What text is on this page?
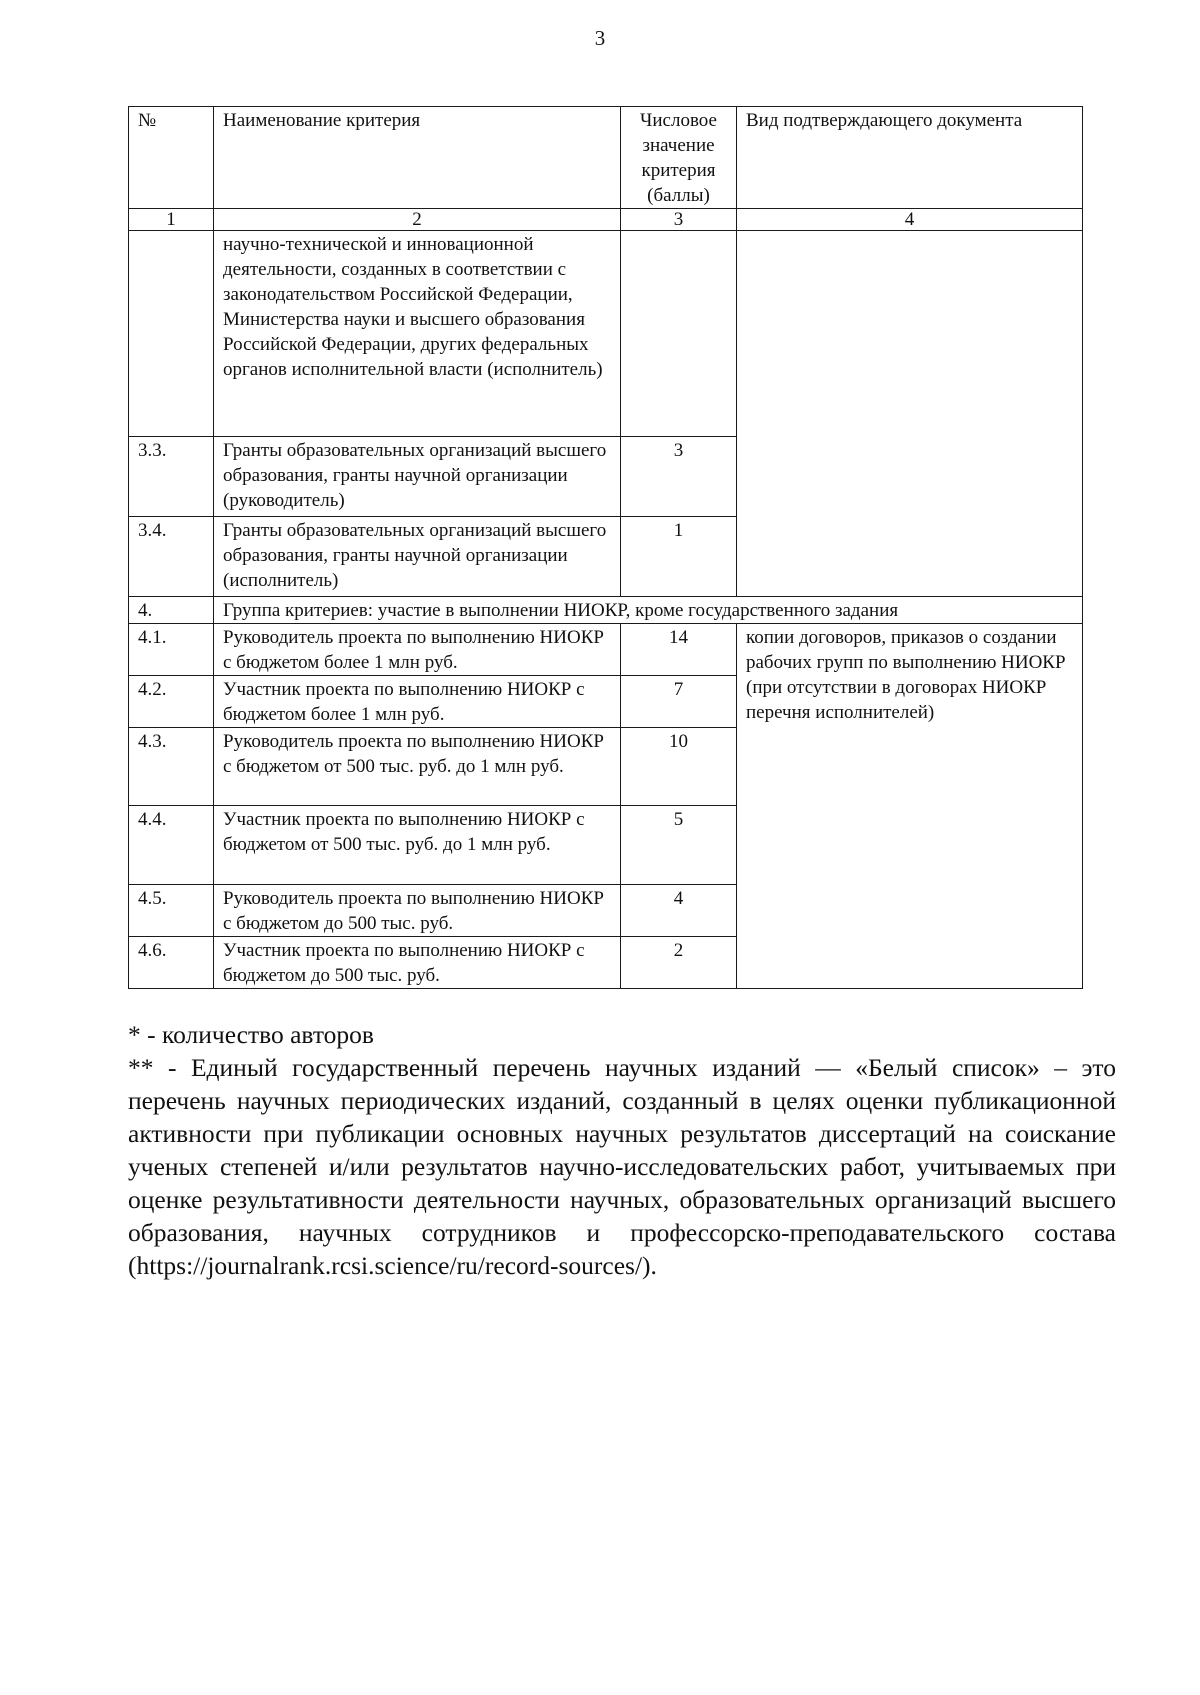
3
№	Наименование критерия	Числовое значение критерия (баллы)	Вид подтверждающего документа
1	2	3	4
	научно-технической и инновационной деятельности, созданных в соответствии с законодательством Российской Федерации, Министерства науки и высшего образования Российской Федерации, других федеральных органов исполнительной власти (исполнитель)		
3.3.	Гранты образовательных организаций высшего образования, гранты научной организации (руководитель)	3	
3.4.	Гранты образовательных организаций высшего образования, гранты научной организации (исполнитель)	1	
4.	Группа критериев: участие в выполнении НИОКР, кроме государственного задания		
4.1.	Руководитель проекта по выполнению НИОКР с бюджетом более 1 млн руб.	14	копии договоров, приказов о создании рабочих групп по выполнению НИОКР (при отсутствии в договорах НИОКР перечня исполнителей)
4.2.	Участник проекта по выполнению НИОКР с бюджетом более 1 млн руб.	7	
4.3.	Руководитель проекта по выполнению НИОКР с бюджетом от 500 тыс. руб. до 1 млн руб.	10	
4.4.	Участник проекта по выполнению НИОКР с бюджетом от 500 тыс. руб. до 1 млн руб.	5	
4.5.	Руководитель проекта по выполнению НИОКР с бюджетом до 500 тыс. руб.	4	
4.6.	Участник проекта по выполнению НИОКР с бюджетом до 500 тыс. руб.	2	

* - количество авторов

** - Единый государственный перечень научных изданий — «Белый список» – это перечень научных периодических изданий, созданный в целях оценки публикационной активности при публикации основных научных результатов диссертаций на соискание ученых степеней и/или результатов научно-исследовательских работ, учитываемых при оценке результативности деятельности научных, образовательных организаций высшего образования, научных сотрудников и профессорско-преподавательского состава (https://journalrank.rcsi.science/ru/record-sources/).
